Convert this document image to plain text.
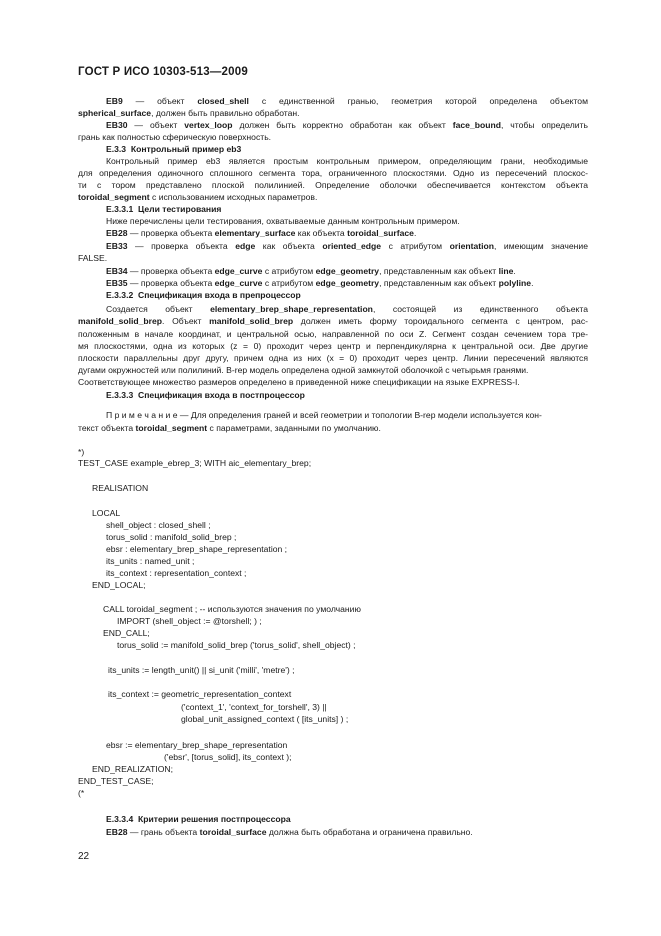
ГОСТ Р ИСО 10303-513—2009
EB9 — объект closed_shell с единственной гранью, геометрия которой определена объектом
spherical_surface, должен быть правильно обработан.
EB30 — объект vertex_loop должен быть корректно обработан как объект face_bound, чтобы определить
грань как полностью сферическую поверхность.
E.3.3 Контрольный пример eb3
Контрольный пример eb3 является простым контрольным примером, определяющим грани, необходимые
для определения одиночного сплошного сегмента тора, ограниченного плоскостями. Одно из пересечений плоскос-
ти с тором представлено плоской полилинией. Определение оболочки обеспечивается контекстом объекта
toroidal_segment с использованием исходных параметров.
E.3.3.1 Цели тестирования
Ниже перечислены цели тестирования, охватываемые данным контрольным примером.
EB28 — проверка объекта elementary_surface как объекта toroidal_surface.
EB33 — проверка объекта edge как объекта oriented_edge с атрибутом orientation, имеющим значение
FALSE.
EB34 — проверка объекта edge_curve с атрибутом edge_geometry, представленным как объект line.
EB35 — проверка объекта edge_curve с атрибутом edge_geometry, представленным как объект polyline.
E.3.3.2 Спецификация входа в препроцессор
Создается объект elementary_brep_shape_representation, состоящей из единственного объекта
manifold_solid_brep. Объект manifold_solid_brep должен иметь форму тороидального сегмента с центром, рас-
положенным в начале координат, и центральной осью, направленной по оси Z. Сегмент создан сечением тора тре-
мя плоскостями, одна из которых (z = 0) проходит через центр и перпендикулярна к центральной оси. Две другие
плоскости параллельны друг другу, причем одна из них (x = 0) проходит через центр. Линии пересечений являются
дугами окружностей или полилиний. B-rep модель определена одной замкнутой оболочкой с четырьмя гранями.
Соответствующее множество размеров определено в приведенной ниже спецификации на языке EXPRESS-I.
E.3.3.3 Спецификация входа в постпроцессор
П р и м е ч а н и е — Для определения граней и всей геометрии и топологии B-rep модели используется кон-
текст объекта toroidal_segment с параметрами, заданными по умолчанию.
*)
TEST_CASE example_ebrep_3; WITH aic_elementary_brep;
REALISATION
LOCAL
shell_object : closed_shell ;
torus_solid : manifold_solid_brep ;
ebsr : elementary_brep_shape_representation ;
its_units : named_unit ;
its_context : representation_context ;
END_LOCAL;
CALL toroidal_segment ; -- используются значения по умолчанию
IMPORT (shell_object := @torshell; ) ;
END_CALL;
torus_solid := manifold_solid_brep ('torus_solid', shell_object) ;
its_units := length_unit() || si_unit ('milli', 'metre') ;
its_context := geometric_representation_context
('context_1', 'context_for_torshell', 3) ||
global_unit_assigned_context ( [its_units] ) ;
ebsr := elementary_brep_shape_representation
('ebsr', [torus_solid], its_context );
END_REALIZATION;
END_TEST_CASE;
(*
E.3.3.4 Критерии решения постпроцессора
EB28 — грань объекта toroidal_surface должна быть обработана и ограничена правильно.
22
